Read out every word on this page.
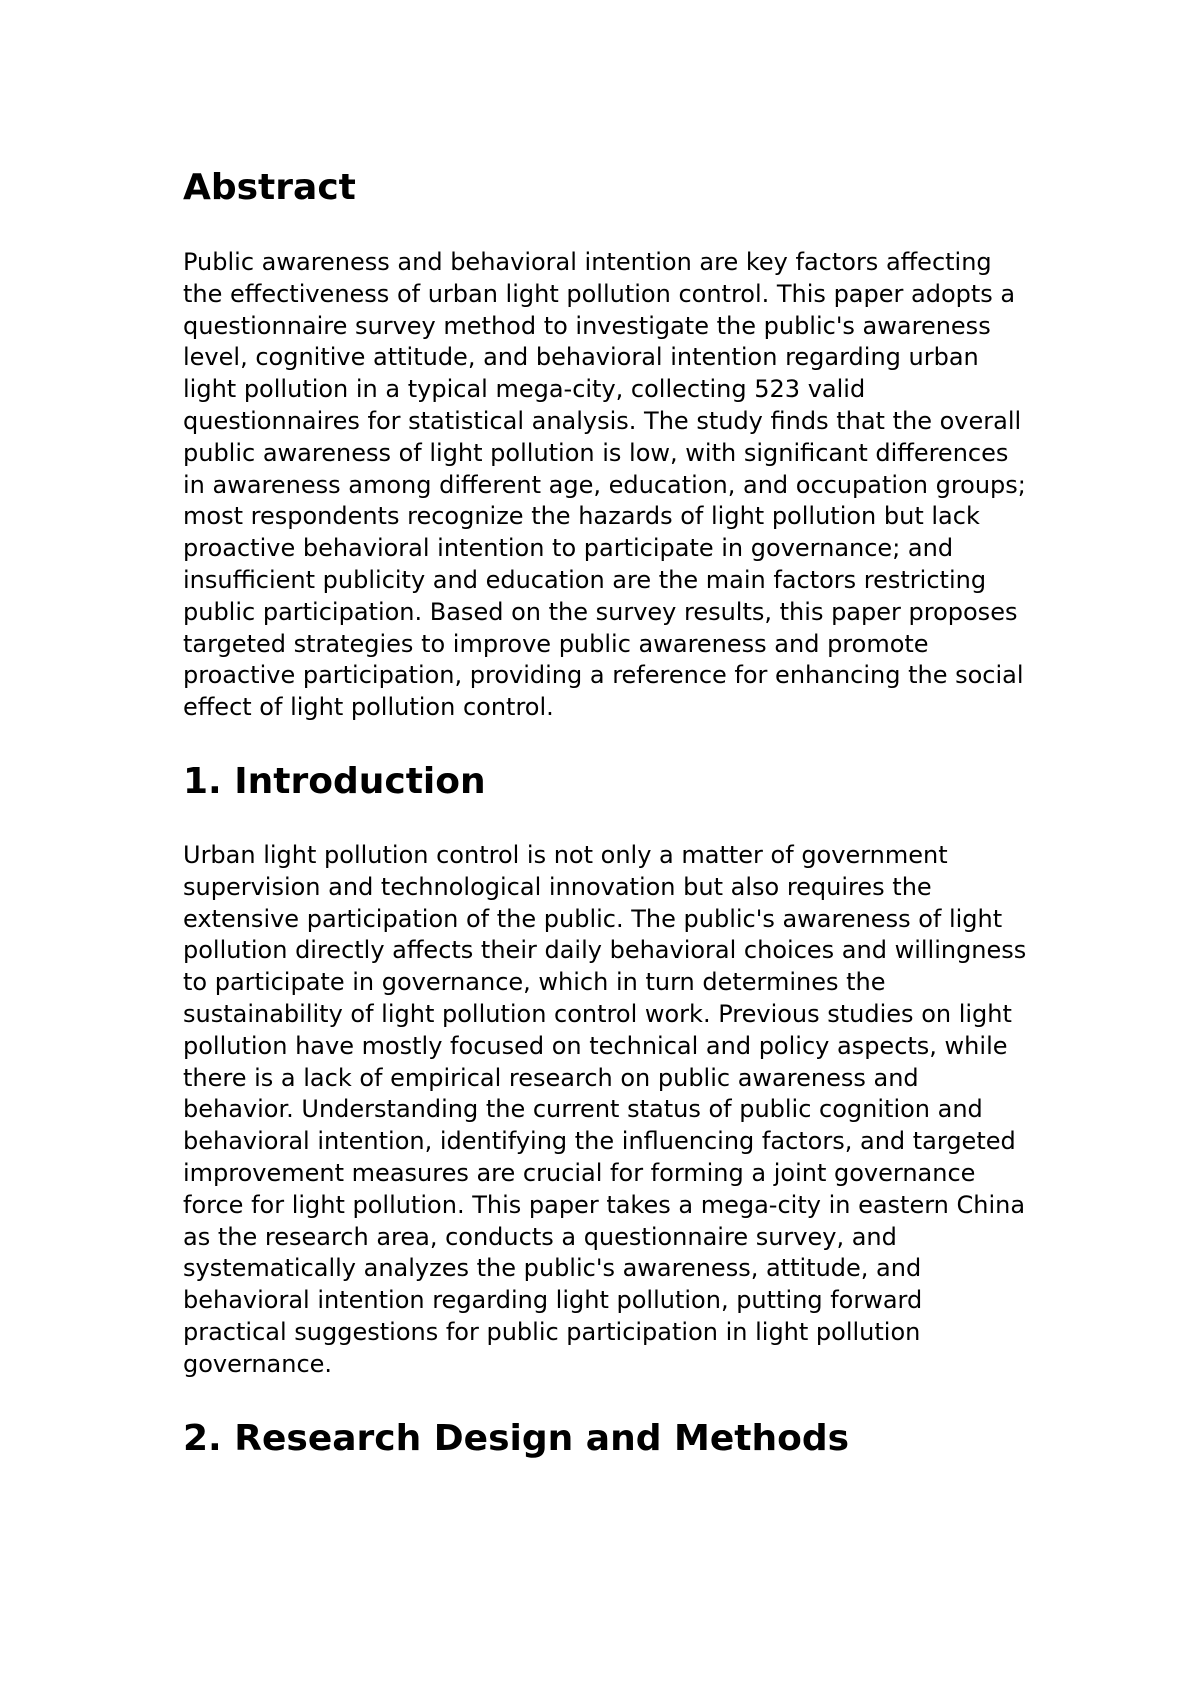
Abstract

Public awareness and behavioral intention are key factors affecting the effectiveness of urban light pollution control. This paper adopts a questionnaire survey method to investigate the public's awareness level, cognitive attitude, and behavioral intention regarding urban light pollution in a typical mega-city, collecting 523 valid questionnaires for statistical analysis. The study finds that the overall public awareness of light pollution is low, with significant differences in awareness among different age, education, and occupation groups; most respondents recognize the hazards of light pollution but lack proactive behavioral intention to participate in governance; and insufficient publicity and education are the main factors restricting public participation. Based on the survey results, this paper proposes targeted strategies to improve public awareness and promote proactive participation, providing a reference for enhancing the social effect of light pollution control.

1. Introduction

Urban light pollution control is not only a matter of government supervision and technological innovation but also requires the extensive participation of the public. The public's awareness of light pollution directly affects their daily behavioral choices and willingness to participate in governance, which in turn determines the sustainability of light pollution control work. Previous studies on light pollution have mostly focused on technical and policy aspects, while there is a lack of empirical research on public awareness and behavior. Understanding the current status of public cognition and behavioral intention, identifying the influencing factors, and targeted improvement measures are crucial for forming a joint governance force for light pollution. This paper takes a mega-city in eastern China as the research area, conducts a questionnaire survey, and systematically analyzes the public's awareness, attitude, and behavioral intention regarding light pollution, putting forward practical suggestions for public participation in light pollution governance.

2. Research Design and Methods
